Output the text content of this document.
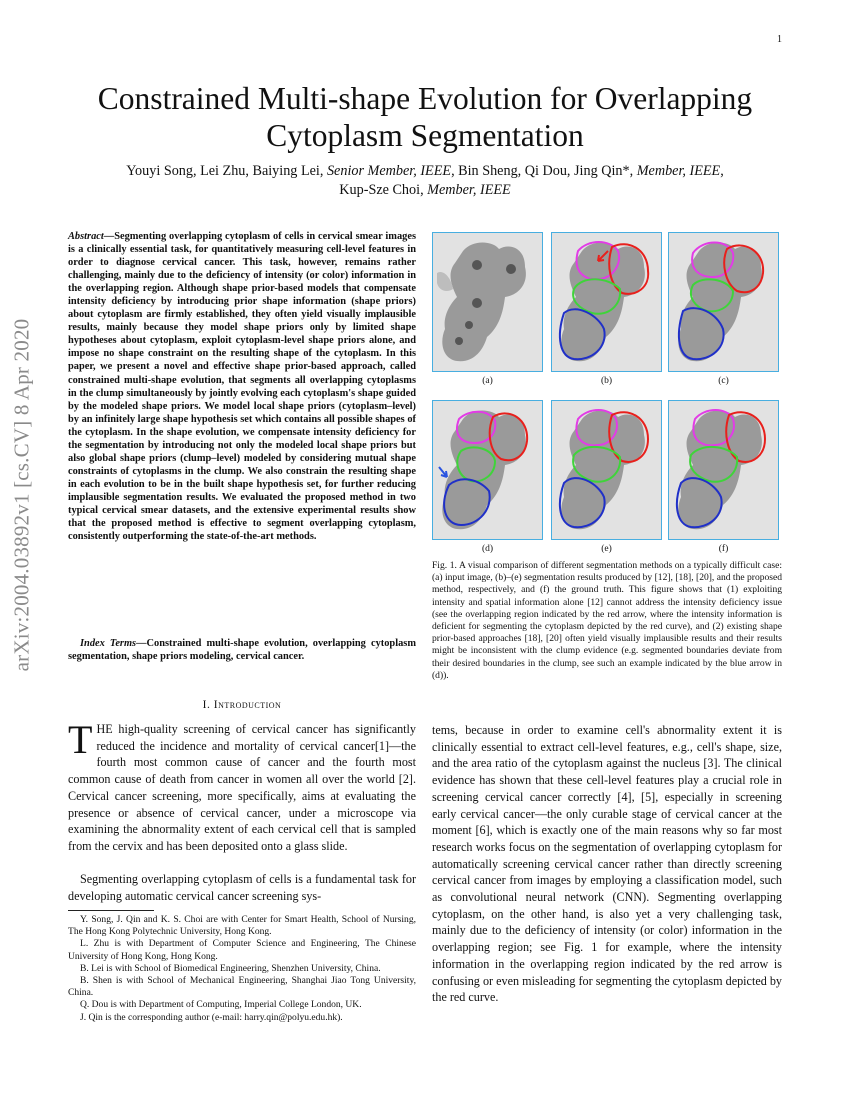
1
arXiv:2004.03892v1 [cs.CV] 8 Apr 2020
Constrained Multi-shape Evolution for Overlapping Cytoplasm Segmentation
Youyi Song, Lei Zhu, Baiying Lei, Senior Member, IEEE, Bin Sheng, Qi Dou, Jing Qin*, Member, IEEE,
Kup-Sze Choi, Member, IEEE
Abstract—Segmenting overlapping cytoplasm of cells in cervical smear images is a clinically essential task, for quantitatively measuring cell-level features in order to diagnose cervical cancer. This task, however, remains rather challenging, mainly due to the deficiency of intensity (or color) information in the overlapping region. Although shape prior-based models that compensate intensity deficiency by introducing prior shape information (shape priors) about cytoplasm are firmly established, they often yield visually implausible results, mainly because they model shape priors only by limited shape hypotheses about cytoplasm, exploit cytoplasm-level shape priors alone, and impose no shape constraint on the resulting shape of the cytoplasm. In this paper, we present a novel and effective shape prior-based approach, called constrained multi-shape evolution, that segments all overlapping cytoplasms in the clump simultaneously by jointly evolving each cytoplasm's shape guided by the modeled shape priors. We model local shape priors (cytoplasm–level) by an infinitely large shape hypothesis set which contains all possible shapes of the cytoplasm. In the shape evolution, we compensate intensity deficiency for the segmentation by introducing not only the modeled local shape priors but also global shape priors (clump–level) modeled by considering mutual shape constraints of cytoplasms in the clump. We also constrain the resulting shape in each evolution to be in the built shape hypothesis set, for further reducing implausible segmentation results. We evaluated the proposed method in two typical cervical smear datasets, and the extensive experimental results show that the proposed method is effective to segment overlapping cytoplasm, consistently outperforming the state-of-the-art methods.
Index Terms—Constrained multi-shape evolution, overlapping cytoplasm segmentation, shape priors modeling, cervical cancer.
I. Introduction
THE high-quality screening of cervical cancer has significantly reduced the incidence and mortality of cervical cancer[1]—the fourth most common cause of cancer and the fourth most common cause of death from cancer in women all over the world [2]. Cervical cancer screening, more specifically, aims at evaluating the presence or absence of cervical cancer, under a microscope via examining the abnormality extent of each cervical cell that is sampled from the cervix and has been deposited onto a glass slide.
Segmenting overlapping cytoplasm of cells is a fundamental task for developing automatic cervical cancer screening sys-

Y. Song, J. Qin and K. S. Choi are with Center for Smart Health, School of Nursing, The Hong Kong Polytechnic University, Hong Kong.

L. Zhu is with Department of Computer Science and Engineering, The Chinese University of Hong Kong, Hong Kong.

B. Lei is with School of Biomedical Engineering, Shenzhen University, China.

B. Shen is with School of Mechanical Engineering, Shanghai Jiao Tong University, China.

Q. Dou is with Department of Computing, Imperial College London, UK.

J. Qin is the corresponding author (e-mail: harry.qin@polyu.edu.hk).

(a)	(b)	(c)
(d)	(e)	(f)
Fig. 1. A visual comparison of different segmentation methods on a typically difficult case: (a) input image, (b)–(e) segmentation results produced by [12], [18], [20], and the proposed method, respectively, and (f) the ground truth. This figure shows that (1) exploiting intensity and spatial information alone [12] cannot address the intensity deficiency issue (see the overlapping region indicated by the red arrow, where the intensity information is deficient for segmenting the cytoplasm depicted by the red curve), and (2) existing shape prior-based approaches [18], [20] often yield visually implausible results and their results might be inconsistent with the clump evidence (e.g. segmented boundaries deviate from their desired boundaries in the clump, see such an example indicated by the blue arrow in (d)).
tems, because in order to examine cell's abnormality extent it is clinically essential to extract cell-level features, e.g., cell's shape, size, and the area ratio of the cytoplasm against the nucleus [3]. The clinical evidence has shown that these cell-level features play a crucial role in screening cervical cancer correctly [4], [5], especially in screening early cervical cancer—the only curable stage of cervical cancer at the moment [6], which is exactly one of the main reasons why so far most research works focus on the segmentation of overlapping cytoplasm for automatically screening cervical cancer rather than directly screening cervical cancer from images by employing a classification model, such as convolutional neural network (CNN). Segmenting overlapping cytoplasm, on the other hand, is also yet a very challenging task, mainly due to the deficiency of intensity (or color) information in the overlapping region; see Fig. 1 for example, where the intensity information in the overlapping region indicated by the red arrow is confusing or even misleading for segmenting the cytoplasm depicted by the red curve.
